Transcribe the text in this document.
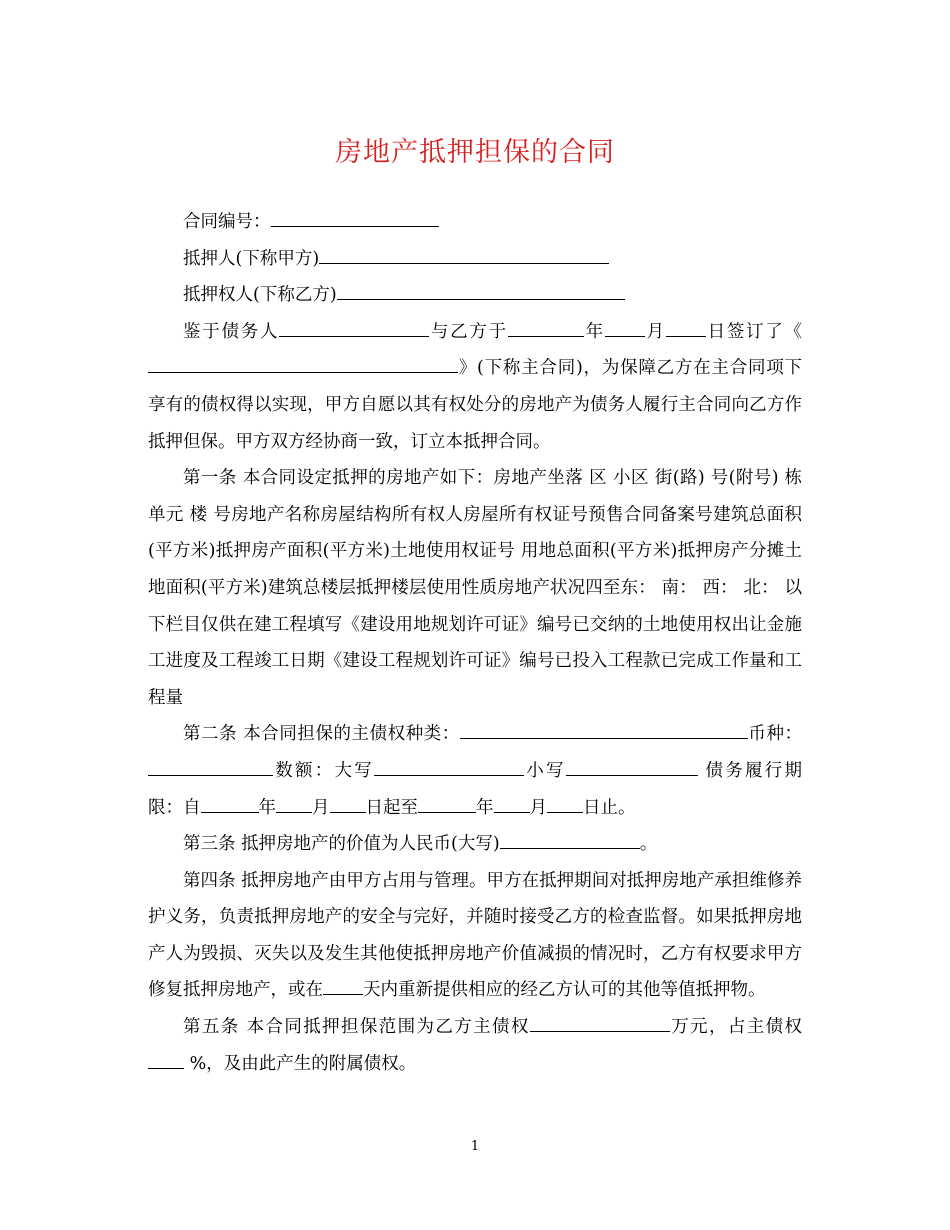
房地产抵押担保的合同

合同编号：

抵押人(下称甲方)

抵押权人(下称乙方)

鉴于债务人	与乙方于	年 月 日签订了《》(下称主合同)，为保障乙方在主合同项下享有的债权得以实现，甲方自愿以其有权处分的房地产为债务人履行主合同向乙方作抵押但保。甲方双方经协商一致，订立本抵押合同。

第一条 本合同设定抵押的房地产如下：房地产坐落 区 小区 街(路) 号(附号) 栋 单元 楼 号房地产名称房屋结构所有权人房屋所有权证号预售合同备案号建筑总面积(平方米)抵押房产面积(平方米)土地使用权证号 用地总面积(平方米)抵押房产分摊土地面积(平方米)建筑总楼层抵押楼层使用性质房地产状况四至东： 南： 西： 北： 以下栏目仅供在建工程填写《建设用地规划许可证》编号已交纳的土地使用权出让金施工进度及工程竣工日期《建设工程规划许可证》编号已投入工程款已完成工作量和工程量

第二条 本合同担保的主债权种类：	币种：数额：大写	小写	债务履行期限：自	年 月 日起至	年 月 日止。

第三条 抵押房地产的价值为人民币(大写)	。

第四条 抵押房地产由甲方占用与管理。甲方在抵押期间对抵押房地产承担维修养护义务，负责抵押房地产的安全与完好，并随时接受乙方的检查监督。如果抵押房地产人为毁损、灭失以及发生其他使抵押房地产价值减损的情况时，乙方有权要求甲方修复抵押房地产，或在 天内重新提供相应的经乙方认可的其他等值抵押物。

第五条 本合同抵押担保范围为乙方主债权	万元，占主债权 %，及由此产生的附属债权。

1
